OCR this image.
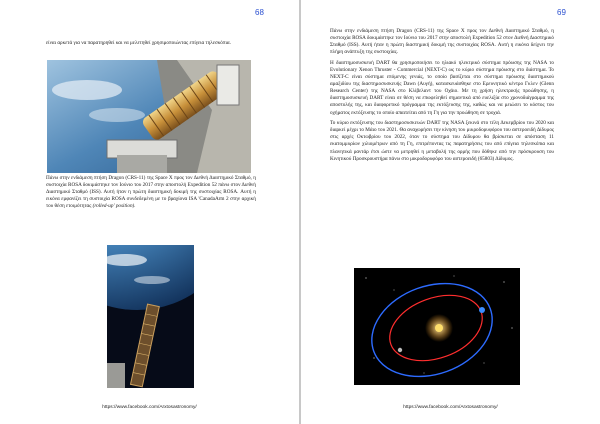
68

είναι αρκετά για να παρατηρηθεί και να μελετηθεί χρησιμοποιώντας επίγεια τηλεσκόπια.

Πάνω στην ενδιάμεση πτήση Dragon (CRS-11) της Space X προς τον Διεθνή Διαστημικό Σταθμό, η συστοιχία ROSA δοκιμάστηκε τον Ιούνιο του 2017 στην αποστολή Expedition 52 πάνω στον Διεθνή Διαστημικό Σταθμό (ISS). Αυτή ήταν η πρώτη διαστημική δοκιμή της συστοιχίας ROSA. Αυτή η εικόνα εμφανίζει τη συστοιχία ROSA συνδεδεμένη με το βραχίονα ISA 'CanadaArm 2 στην αρχική του θέση ετοιμότητας (rolled-up' position).

https://www.facebook.com/Arxtosastronomy/
69

Πάνω στην ενδιάμεση πτήση Dragon (CRS-11) της Space X προς τον Διεθνή Διαστημικό Σταθμό, η συστοιχία ROSA δοκιμάστηκε τον Ιούνιο του 2017 στην αποστολή Expedition 52 στον Διεθνή Διαστημικό Σταθμό (ISS). Αυτή ήταν η πρώτη διαστημική δοκιμή της συστοιχίας ROSA. Αυτή η εικόνα δείχνει την πλήρη ανάπτυξη της συστοιχίας.

Η διαστημοσυσκευή DART θα χρησιμοποιήσει το ηλιακό ηλεκτρικό σύστημα πρόωσης της NASA το Evolutionary Xenon Thruster - Commercial (NEXT-C) ως το κύριο σύστημα πρόωσης στο διάστημα. Το NEXT-C είναι σύστημα επόμενης γενιάς, το οποίο βασίζεται στο σύστημα πρόωσης διαστημικού αμαξιδίου της διαστημοσυσκευής Dawn (Αυγή), κατασκευάσθηκε στο Ερευνητικό κέντρο Γκλεν (Glenn Research Center) της NASA στο Κλίβελαντ του Οχάιο. Με τη χρήση ηλεκτρικής προώθησης, η διαστημοσυσκευή DART είναι σε θέση να επωφεληθεί σημαντικά από ευελιξία στο χρονοδιάγραμμα της αποστολής της, και διαφορετικό πρόγραμμα της εκτόξευσης της, καθώς και να μειώσει το κόστος του οχήματος εκτόξευσης το οποίο απαιτείται από τη Γη για την προώθηση σε τροχιά.

Το κύριο εκτόξευσης του διαστημοσυσκευών DART της NASA ξεκινά στο τέλη Δεκεμβρίου του 2020 και διαρκεί μέχρι το Μάιο του 2021. Θα αναχωρήσει την κίνηση του μικροδορυφόρου του αστεροειδή Δίδυμος στις αρχές Οκτωβρίου του 2022, όταν το σύστημα του Δίδυμου θα βρίσκεται σε απόσταση 11 εκατομμυρίων χιλιομέτρων από τη Γη, επιτρέποντας τις παρατηρήσεις του από επίγεια τηλεσκόπια και πλανητικά ραντάρ έτσι ώστε να μετρηθεί η μεταβολή της ορμής που δόθηκε από την πρόσκρουση του Κινητικού Προσκρουστήρα πάνω στο μικροδορυφόρο του αστεροειδή (65803) Δίδυμος.

https://www.facebook.com/Arxtosastronomy/
